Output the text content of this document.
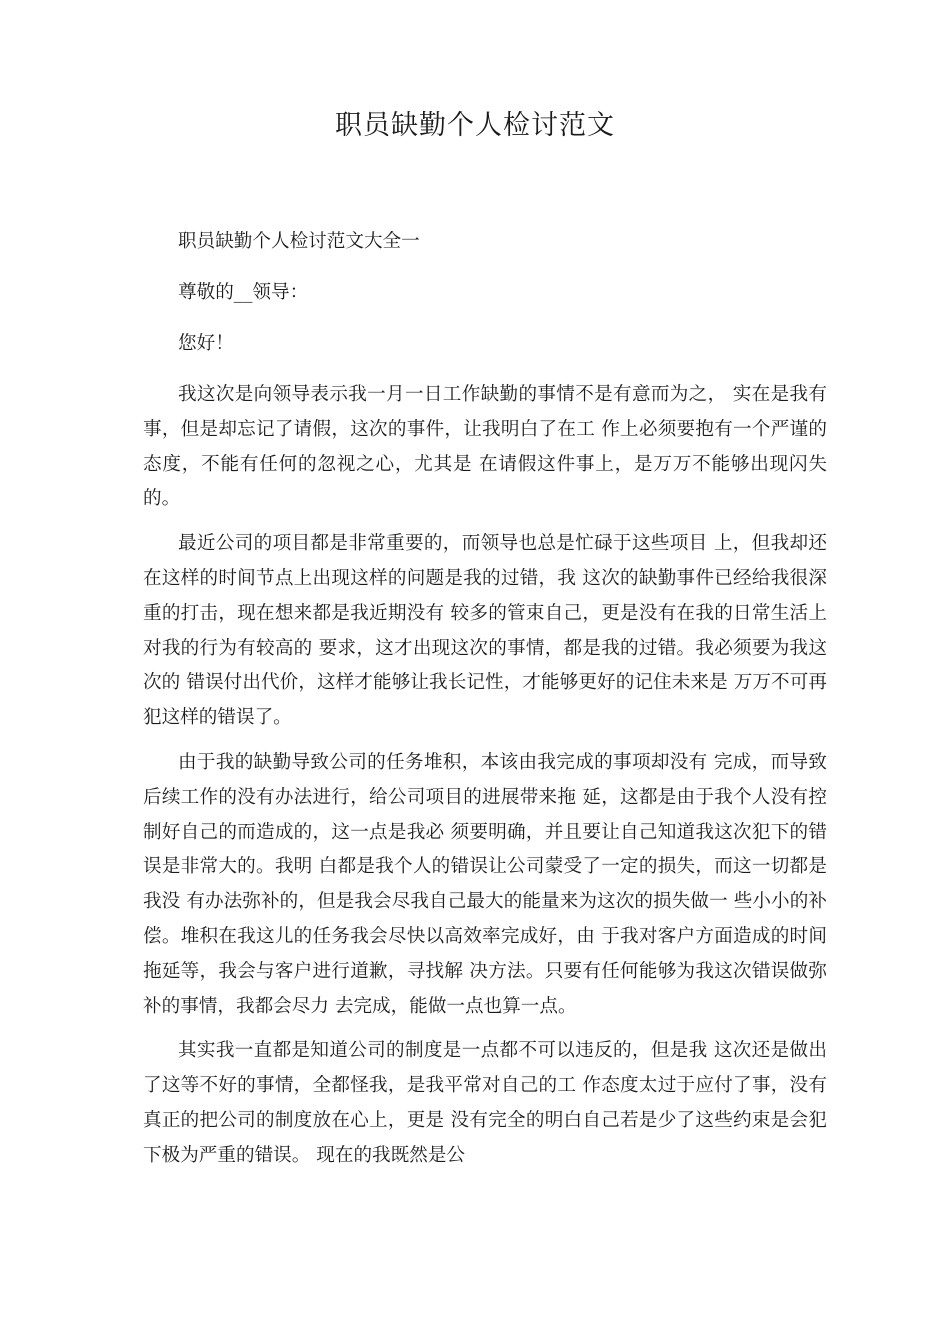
职员缺勤个人检讨范文

职员缺勤个人检讨范文大全一

尊敬的__领导：

您好！

我这次是向领导表示我一月一日工作缺勤的事情不是有意而为之， 实在是我有事，但是却忘记了请假，这次的事件，让我明白了在工 作上必须要抱有一个严谨的态度，不能有任何的忽视之心，尤其是 在请假这件事上，是万万不能够出现闪失的。

最近公司的项目都是非常重要的，而领导也总是忙碌于这些项目 上，但我却还在这样的时间节点上出现这样的问题是我的过错，我 这次的缺勤事件已经给我很深重的打击，现在想来都是我近期没有 较多的管束自己，更是没有在我的日常生活上对我的行为有较高的 要求，这才出现这次的事情，都是我的过错。我必须要为我这次的 错误付出代价，这样才能够让我长记性，才能够更好的记住未来是 万万不可再犯这样的错误了。

由于我的缺勤导致公司的任务堆积，本该由我完成的事项却没有 完成，而导致后续工作的没有办法进行，给公司项目的进展带来拖 延，这都是由于我个人没有控制好自己的而造成的，这一点是我必 须要明确，并且要让自己知道我这次犯下的错误是非常大的。我明 白都是我个人的错误让公司蒙受了一定的损失，而这一切都是我没 有办法弥补的，但是我会尽我自己最大的能量来为这次的损失做一 些小小的补偿。堆积在我这儿的任务我会尽快以高效率完成好，由 于我对客户方面造成的时间拖延等，我会与客户进行道歉，寻找解 决方法。只要有任何能够为我这次错误做弥补的事情，我都会尽力 去完成，能做一点也算一点。

其实我一直都是知道公司的制度是一点都不可以违反的，但是我 这次还是做出了这等不好的事情，全都怪我，是我平常对自己的工 作态度太过于应付了事，没有真正的把公司的制度放在心上，更是 没有完全的明白自己若是少了这些约束是会犯下极为严重的错误。 现在的我既然是公
